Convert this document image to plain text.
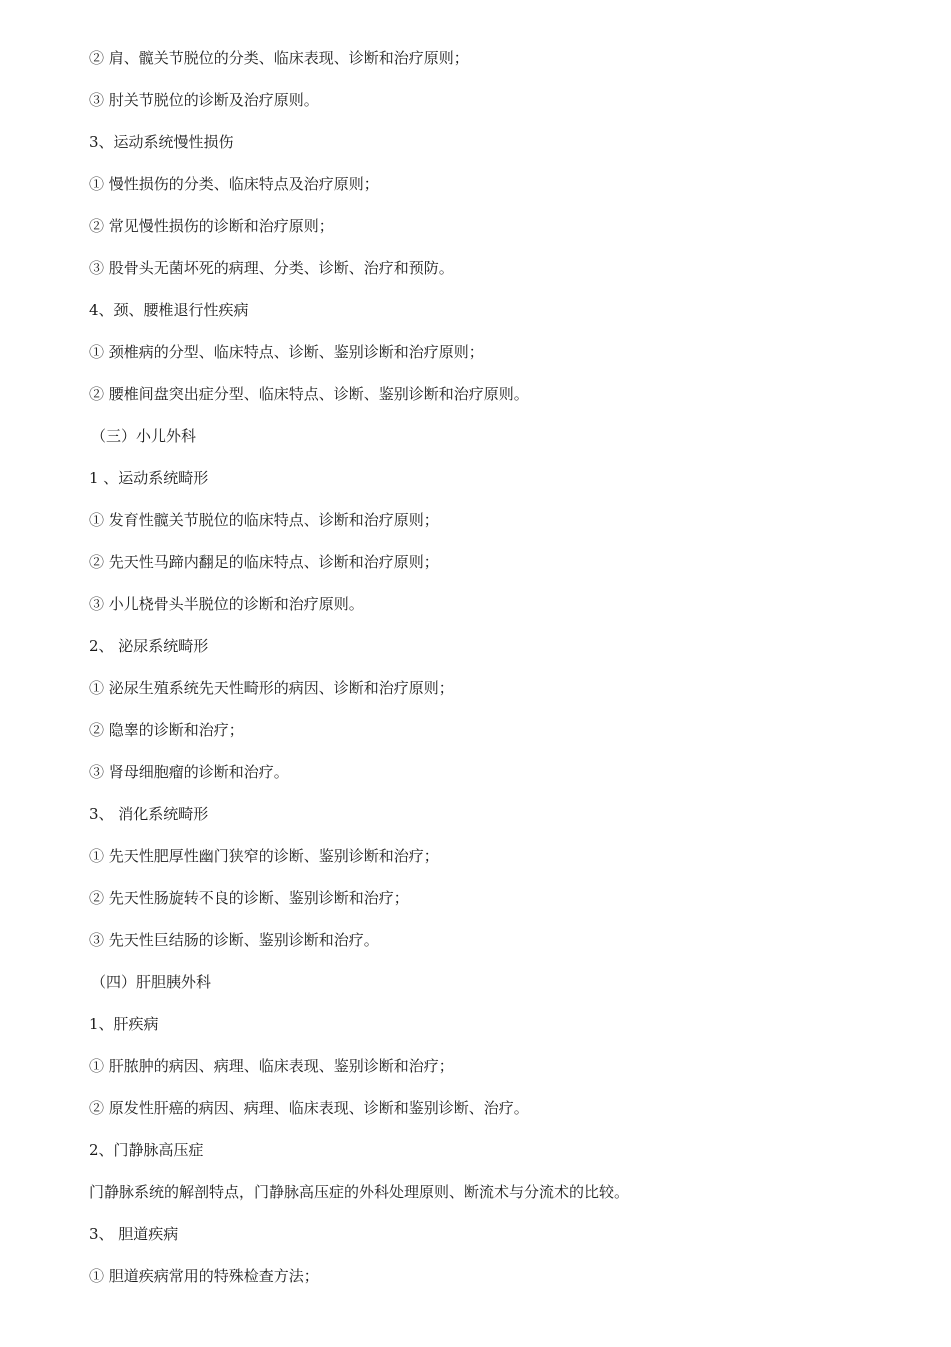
② 肩、髋关节脱位的分类、临床表现、诊断和治疗原则；

③ 肘关节脱位的诊断及治疗原则。

3、运动系统慢性损伤

① 慢性损伤的分类、临床特点及治疗原则；

② 常见慢性损伤的诊断和治疗原则；

③ 股骨头无菌坏死的病理、分类、诊断、治疗和预防。

4、颈、腰椎退行性疾病

① 颈椎病的分型、临床特点、诊断、鉴别诊断和治疗原则；

② 腰椎间盘突出症分型、临床特点、诊断、鉴别诊断和治疗原则。

（三）小儿外科

1 、运动系统畸形

① 发育性髋关节脱位的临床特点、诊断和治疗原则；

② 先天性马蹄内翻足的临床特点、诊断和治疗原则；

③ 小儿桡骨头半脱位的诊断和治疗原则。

2、 泌尿系统畸形

① 泌尿生殖系统先天性畸形的病因、诊断和治疗原则；

② 隐睾的诊断和治疗；

③ 肾母细胞瘤的诊断和治疗。

3、 消化系统畸形

① 先天性肥厚性幽门狭窄的诊断、鉴别诊断和治疗；

② 先天性肠旋转不良的诊断、鉴别诊断和治疗；

③ 先天性巨结肠的诊断、鉴别诊断和治疗。

（四）肝胆胰外科

1、肝疾病

① 肝脓肿的病因、病理、临床表现、鉴别诊断和治疗；

② 原发性肝癌的病因、病理、临床表现、诊断和鉴别诊断、治疗。

2、门静脉高压症

门静脉系统的解剖特点，门静脉高压症的外科处理原则、断流术与分流术的比较。

3、 胆道疾病

① 胆道疾病常用的特殊检查方法；
